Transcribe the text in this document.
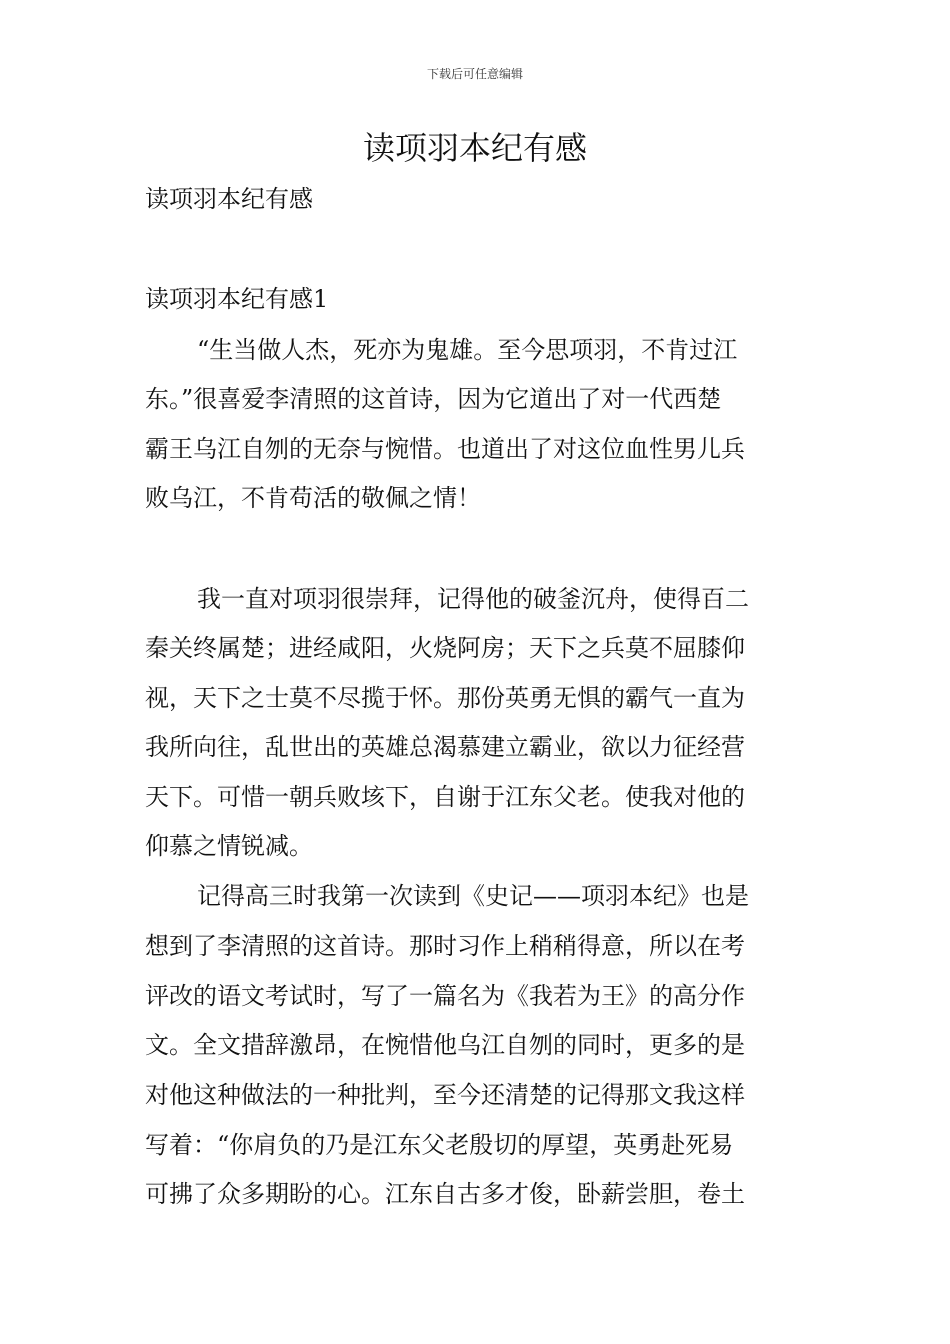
下载后可任意编辑
读项羽本纪有感
读项羽本纪有感
读项羽本纪有感1
“生当做人杰，死亦为鬼雄。至今思项羽，不肯过江
东。”很喜爱李清照的这首诗，因为它道出了对一代西楚
霸王乌江自刎的无奈与惋惜。也道出了对这位血性男儿兵
败乌江，不肯苟活的敬佩之情！
我一直对项羽很崇拜，记得他的破釜沉舟，使得百二
秦关终属楚；进经咸阳，火烧阿房；天下之兵莫不屈膝仰
视，天下之士莫不尽揽于怀。那份英勇无惧的霸气一直为
我所向往，乱世出的英雄总渴慕建立霸业，欲以力征经营
天下。可惜一朝兵败垓下，自谢于江东父老。使我对他的
仰慕之情锐减。
记得高三时我第一次读到《史记——项羽本纪》也是
想到了李清照的这首诗。那时习作上稍稍得意，所以在考
评改的语文考试时，写了一篇名为《我若为王》的高分作
文。全文措辞激昂，在惋惜他乌江自刎的同时，更多的是
对他这种做法的一种批判，至今还清楚的记得那文我这样
写着：“你肩负的乃是江东父老殷切的厚望，英勇赴死易
可拂了众多期盼的心。江东自古多才俊，卧薪尝胆，卷土
